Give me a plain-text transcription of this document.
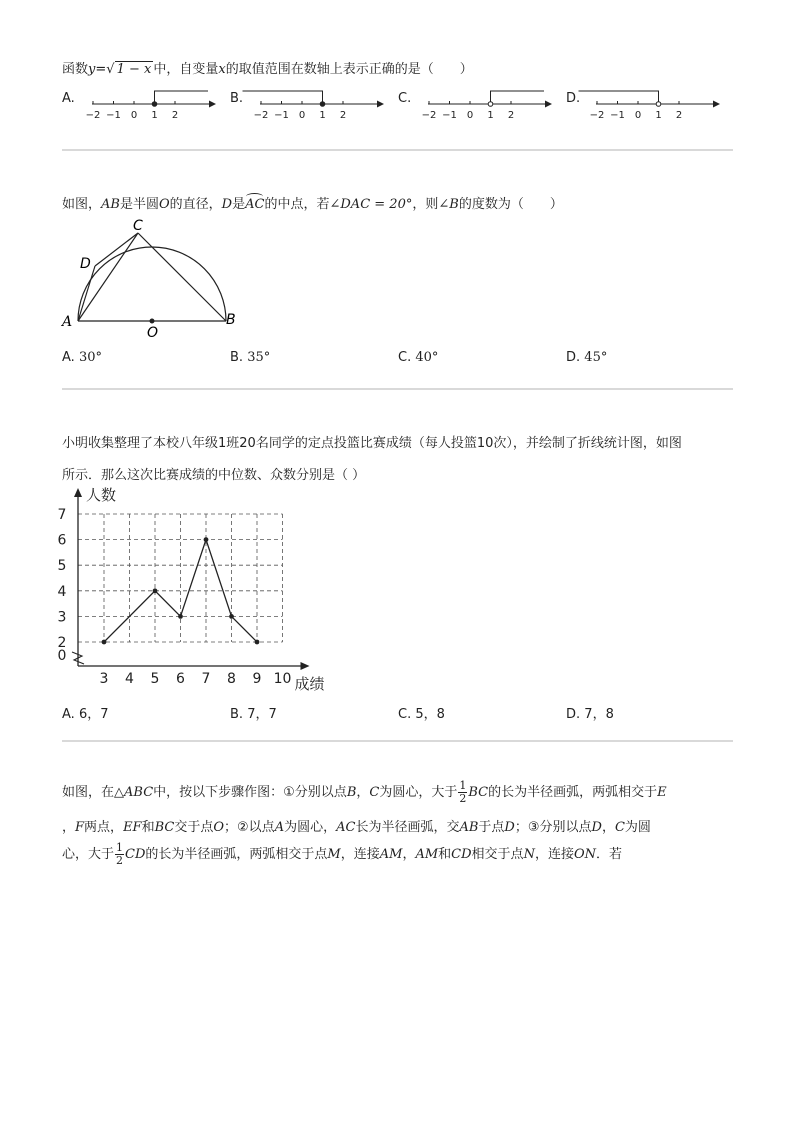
函数y=√ 1 − x 中，自变量x的取值范围在数轴上表示正确的是（　　）
A.
−2 −1 0 1 2
B.
−2 −1 0 1 2
C.
−2 −1 0 1 2
D.
−2 −1 0 1 2
如图，AB是半圆O的直径，D是AC的中点，若∠DAC = 20°，则∠B的度数为（　　）
A	B
C
D
O
A. 30°	B. 35°	C. 40°	D. 45°
小明收集整理了本校八年级1班20名同学的定点投篮比赛成绩（每人投篮10次），并绘制了折线统计图，如图
所示．那么这次比赛成绩的中位数、众数分别是（ ）
3 4 5 6 7 8 9 10
0
2
3
4
5
6
7
人数
成绩
A. 6，7	B. 7，7	C. 5，8	D. 7，8
如图，在△ABC中，按以下步骤作图：①分别以点B，C为圆心，大于 $\frac{1}{2}$ BC的长为半径画弧，两弧相交于E
，F两点，EF和BC交于点O；②以点A为圆心，AC长为半径画弧，交AB于点D；③分别以点D，C为圆
心，大于 $\frac{1}{2}$ CD的长为半径画弧，两弧相交于点M，连接AM，AM和CD相交于点N，连接ON．若
